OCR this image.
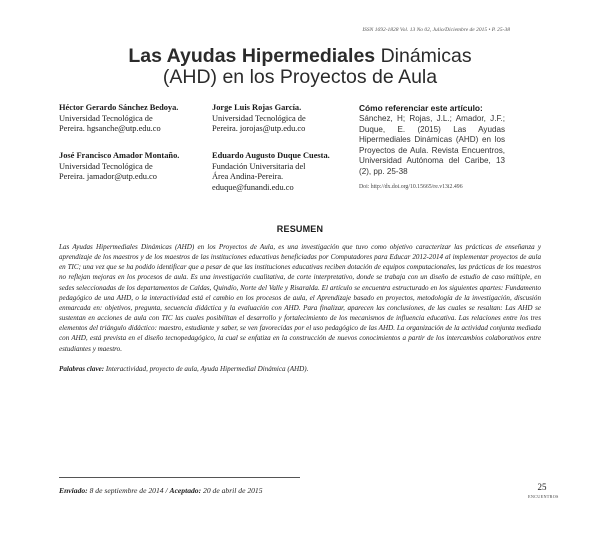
ISSN 1692-1828 Vol. 13 No 02, Julio/Diciembre de 2015 • P. 25-38
Las Ayudas Hipermediales Dinámicas
(AHD) en los Proyectos de Aula
Héctor Gerardo Sánchez Bedoya.
Universidad Tecnológica de
Pereira. hgsanche@utp.edu.co
José Francisco Amador Montaño.
Universidad Tecnológica de
Pereira. jamador@utp.edu.co
Jorge Luis Rojas García.
Universidad Tecnológica de
Pereira. jorojas@utp.edu.co
Eduardo Augusto Duque Cuesta.
Fundación Universitaria del
Área Andina-Pereira.
eduque@funandi.edu.co
Cómo referenciar este artículo:
Sánchez, H; Rojas, J.L.; Amador, J.F.; Duque, E. (2015) Las Ayudas Hipermediales Dinámicas (AHD) en los Proyectos de Aula. Revista Encuentros, Universidad Autónoma del Caribe, 13 (2), pp. 25-38
Doi: http://dx.doi.org/10.15665/re.v13i2.496
RESUMEN
Las Ayudas Hipermediales Dinámicas (AHD) en los Proyectos de Aula, es una investigación que tuvo como objetivo caracterizar las prácticas de enseñanza y aprendizaje de los maestros y de los maestros de las instituciones educativas beneficiadas por Computadores para Educar 2012-2014 al implementar proyectos de aula en TIC; una vez que se ha podido identificar que a pesar de que las instituciones educativas reciben dotación de equipos computacionales, las prácticas de los maestros no reflejan mejoras en los procesos de aula. Es una investigación cualitativa, de corte interpretativo, donde se trabaja con un diseño de estudio de caso múltiple, en sedes seleccionadas de los departamentos de Caldas, Quindío, Norte del Valle y Risaralda. El artículo se encuentra estructurado en los siguientes apartes: Fundamento pedagógico de una AHD, o la interactividad está el cambio en los procesos de aula, el Aprendizaje basado en proyectos, metodología de la investigación, discusión enmarcada en: objetivos, pregunta, secuencia didáctica y la evaluación con AHD. Para finalizar, aparecen las conclusiones, de las cuales se resaltan: Las AHD se sustentan en acciones de aula con TIC las cuales posibilitan el desarrollo y fortalecimiento de los mecanismos de influencia educativa. Las relaciones entre los tres elementos del triángulo didáctico: maestro, estudiante y saber, se ven favorecidas por el uso pedagógico de las AHD. La organización de la actividad conjunta mediada con AHD, está prevista en el diseño tecnopedagógico, la cual se enfatiza en la construcción de nuevos conocimientos a partir de los intercambios colaborativos entre estudiantes y maestro.
Palabras clave: Interactividad, proyecto de aula, Ayuda Hipermedial Dinámica (AHD).
Enviado: 8 de septiembre de 2014 / Aceptado: 20 de abril de 2015	25
ENCUENTROS
